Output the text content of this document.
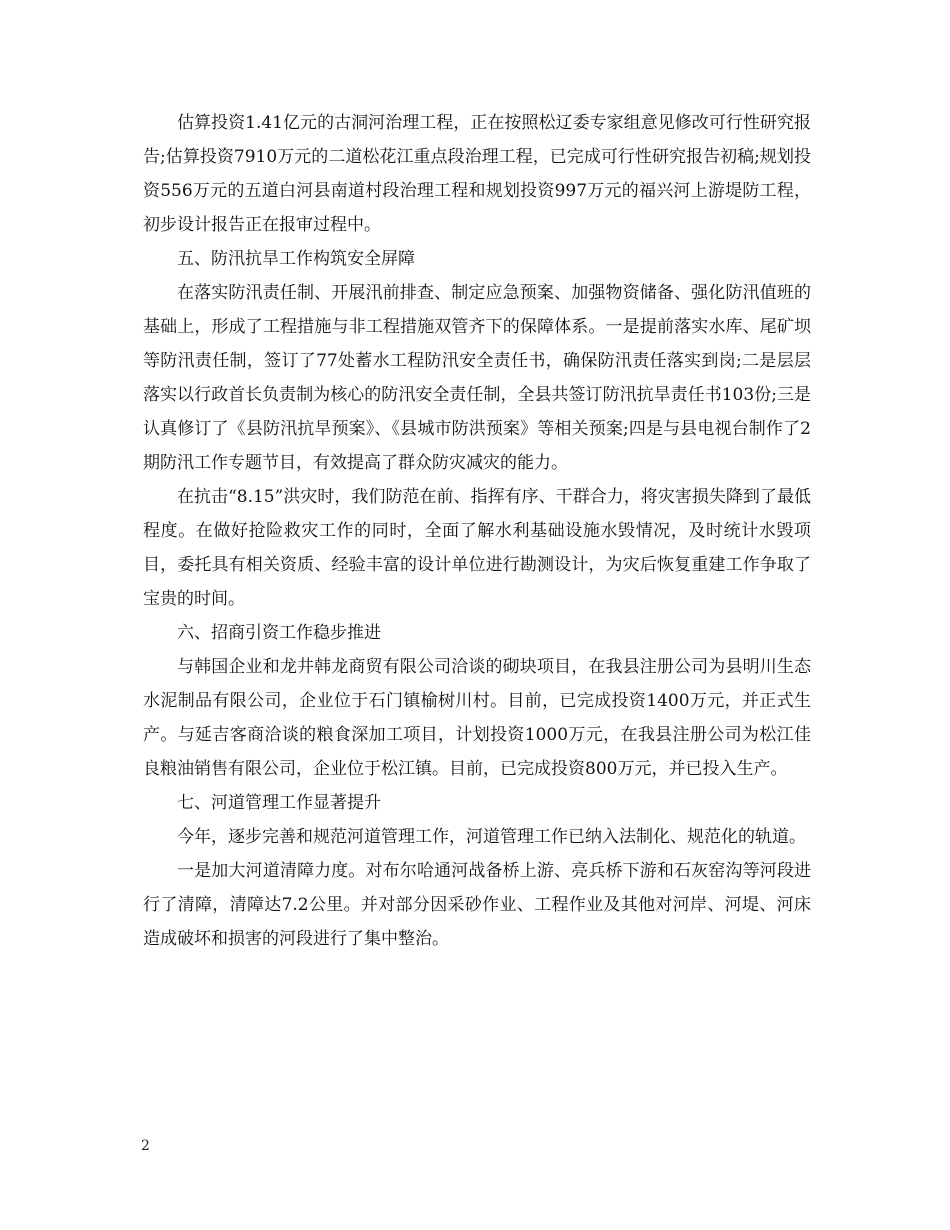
估算投资1.41亿元的古洞河治理工程，正在按照松辽委专家组意见修改可行性研究报告;估算投资7910万元的二道松花江重点段治理工程，已完成可行性研究报告初稿;规划投资556万元的五道白河县南道村段治理工程和规划投资997万元的福兴河上游堤防工程，初步设计报告正在报审过程中。

五、防汛抗旱工作构筑安全屏障

在落实防汛责任制、开展汛前排查、制定应急预案、加强物资储备、强化防汛值班的基础上，形成了工程措施与非工程措施双管齐下的保障体系。一是提前落实水库、尾矿坝等防汛责任制，签订了77处蓄水工程防汛安全责任书，确保防汛责任落实到岗;二是层层落实以行政首长负责制为核心的防汛安全责任制，全县共签订防汛抗旱责任书103份;三是认真修订了《县防汛抗旱预案》、《县城市防洪预案》等相关预案;四是与县电视台制作了2期防汛工作专题节目，有效提高了群众防灾减灾的能力。

在抗击“8.15”洪灾时，我们防范在前、指挥有序、干群合力，将灾害损失降到了最低程度。在做好抢险救灾工作的同时，全面了解水利基础设施水毁情况，及时统计水毁项目，委托具有相关资质、经验丰富的设计单位进行勘测设计，为灾后恢复重建工作争取了宝贵的时间。

六、招商引资工作稳步推进

与韩国企业和龙井韩龙商贸有限公司洽谈的砌块项目，在我县注册公司为县明川生态水泥制品有限公司，企业位于石门镇榆树川村。目前，已完成投资1400万元，并正式生产。与延吉客商洽谈的粮食深加工项目，计划投资1000万元，在我县注册公司为松江佳良粮油销售有限公司，企业位于松江镇。目前，已完成投资800万元，并已投入生产。

七、河道管理工作显著提升

今年，逐步完善和规范河道管理工作，河道管理工作已纳入法制化、规范化的轨道。

一是加大河道清障力度。对布尔哈通河战备桥上游、亮兵桥下游和石灰窑沟等河段进行了清障，清障达7.2公里。并对部分因采砂作业、工程作业及其他对河岸、河堤、河床造成破坏和损害的河段进行了集中整治。

2
